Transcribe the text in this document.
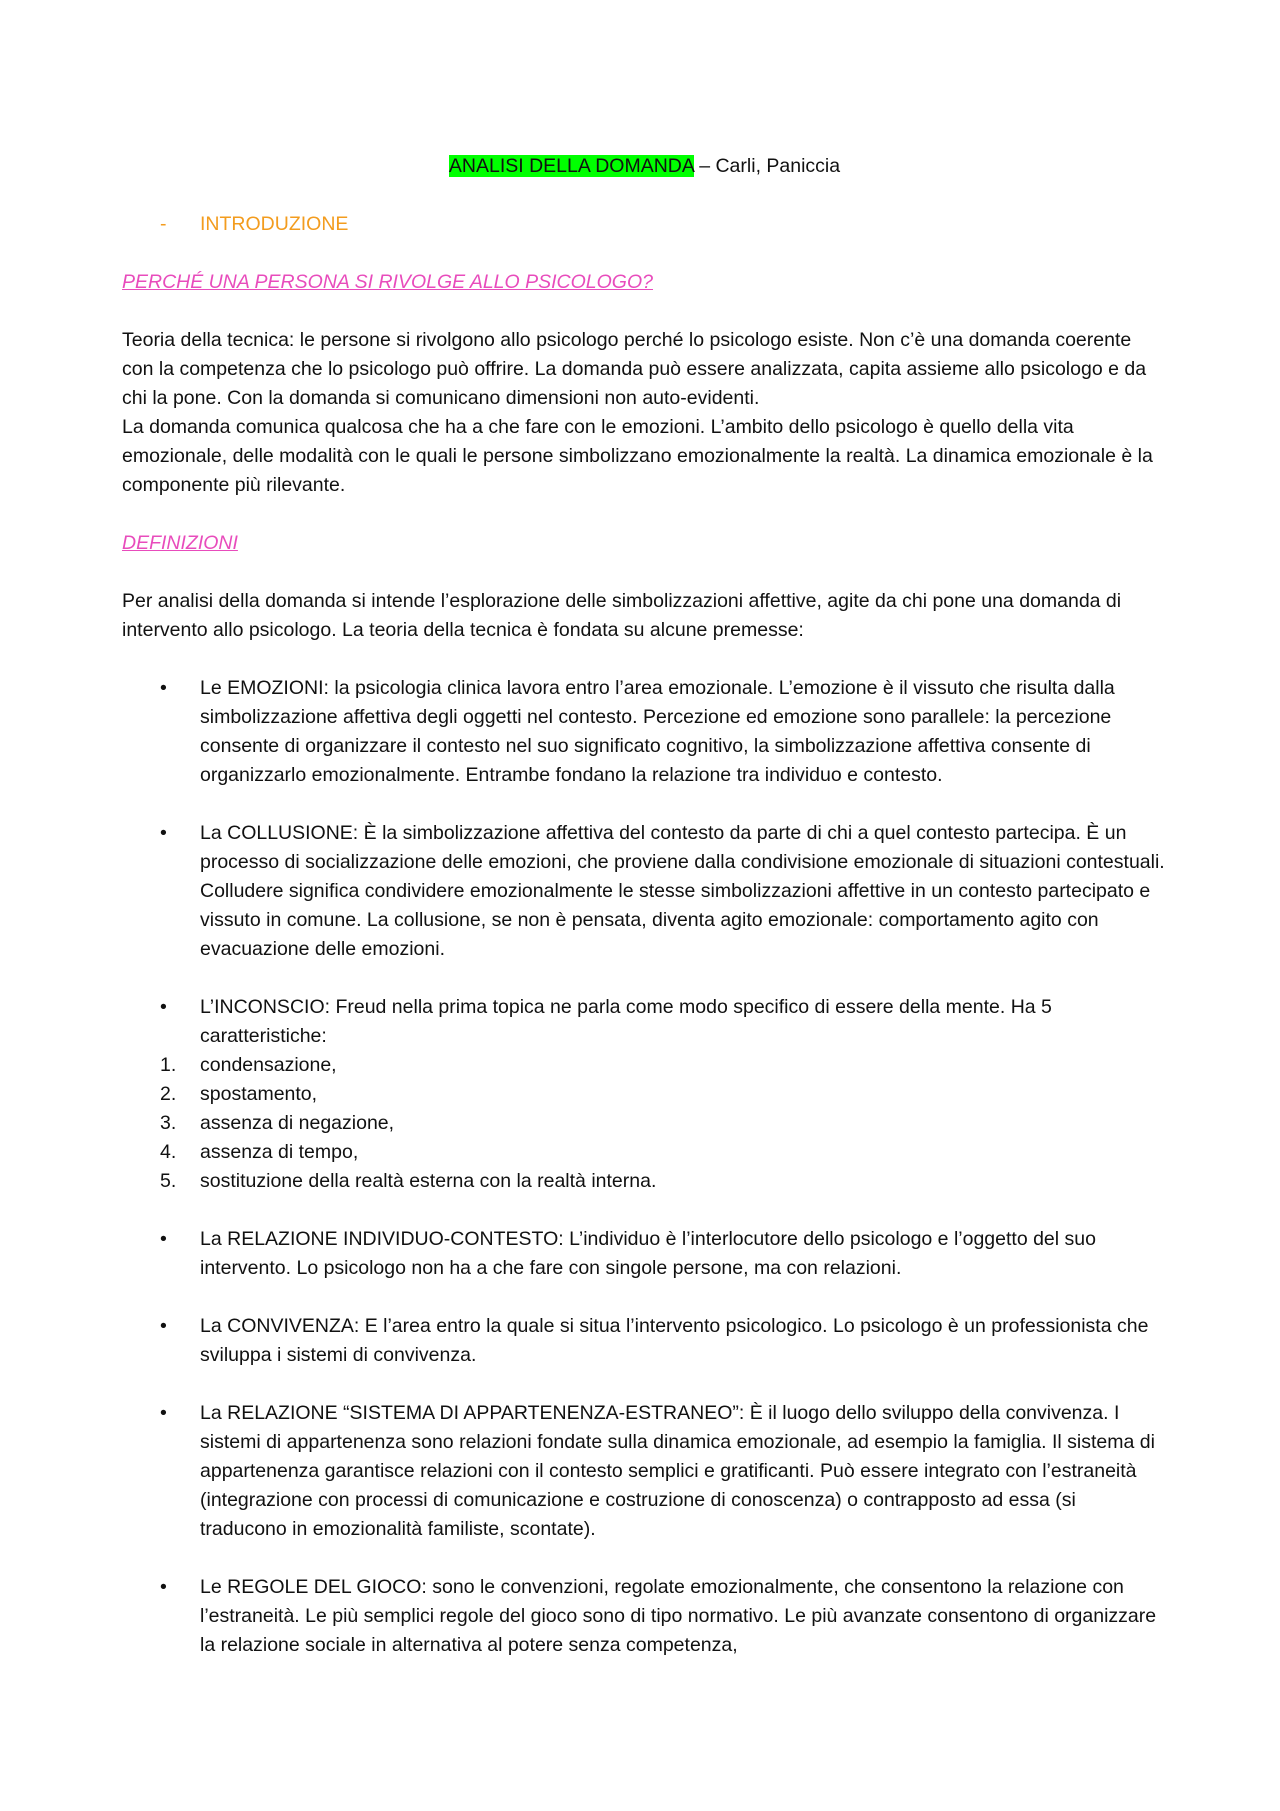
ANALISI DELLA DOMANDA – Carli, Paniccia
- INTRODUZIONE
PERCHÉ UNA PERSONA SI RIVOLGE ALLO PSICOLOGO?

Teoria della tecnica: le persone si rivolgono allo psicologo perché lo psicologo esiste. Non c’è una domanda coerente con la competenza che lo psicologo può offrire. La domanda può essere analizzata, capita assieme allo psicologo e da chi la pone. Con la domanda si comunicano dimensioni non auto-evidenti.

La domanda comunica qualcosa che ha a che fare con le emozioni. L’ambito dello psicologo è quello della vita emozionale, delle modalità con le quali le persone simbolizzano emozionalmente la realtà. La dinamica emozionale è la componente più rilevante.

DEFINIZIONI

Per analisi della domanda si intende l’esplorazione delle simbolizzazioni affettive, agite da chi pone una domanda di intervento allo psicologo. La teoria della tecnica è fondata su alcune premesse:

•	Le EMOZIONI: la psicologia clinica lavora entro l’area emozionale. L’emozione è il vissuto che risulta dalla simbolizzazione affettiva degli oggetti nel contesto. Percezione ed emozione sono parallele: la percezione consente di organizzare il contesto nel suo significato cognitivo, la simbolizzazione affettiva consente di organizzarlo emozionalmente. Entrambe fondano la relazione tra individuo e contesto.
•	La COLLUSIONE: È la simbolizzazione affettiva del contesto da parte di chi a quel contesto partecipa. È un processo di socializzazione delle emozioni, che proviene dalla condivisione emozionale di situazioni contestuali. Colludere significa condividere emozionalmente le stesse simbolizzazioni affettive in un contesto partecipato e vissuto in comune. La collusione, se non è pensata, diventa agito emozionale: comportamento agito con evacuazione delle emozioni.
•	L’INCONSCIO: Freud nella prima topica ne parla come modo specifico di essere della mente. Ha 5 caratteristiche:
1. condensazione,
2. spostamento,
3. assenza di negazione,
4. assenza di tempo,
5. sostituzione della realtà esterna con la realtà interna.
•	La RELAZIONE INDIVIDUO-CONTESTO: L’individuo è l’interlocutore dello psicologo e l’oggetto del suo intervento. Lo psicologo non ha a che fare con singole persone, ma con relazioni.
•	La CONVIVENZA: E l’area entro la quale si situa l’intervento psicologico. Lo psicologo è un professionista che sviluppa i sistemi di convivenza.
•	La RELAZIONE “SISTEMA DI APPARTENENZA-ESTRANEO”: È il luogo dello sviluppo della convivenza. I sistemi di appartenenza sono relazioni fondate sulla dinamica emozionale, ad esempio la famiglia. Il sistema di appartenenza garantisce relazioni con il contesto semplici e gratificanti. Può essere integrato con l’estraneità (integrazione con processi di comunicazione e costruzione di conoscenza) o contrapposto ad essa (si traducono in emozionalità familiste, scontate).
•	Le REGOLE DEL GIOCO: sono le convenzioni, regolate emozionalmente, che consentono la relazione con l’estraneità. Le più semplici regole del gioco sono di tipo normativo. Le più avanzate consentono di organizzare la relazione sociale in alternativa al potere senza competenza,
